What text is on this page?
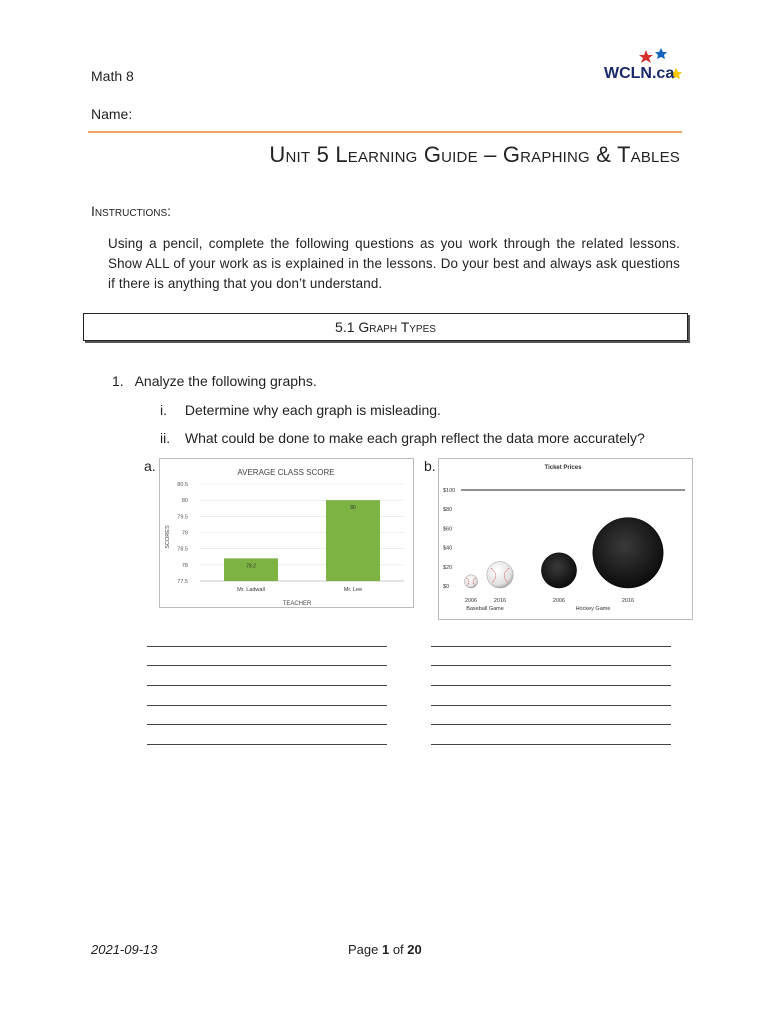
Math 8
Name:
WCLN.ca
Unit 5 Learning Guide – Graphing & Tables
Instructions:
Using a pencil, complete the following questions as you work through the related lessons. Show ALL of your work as is explained in the lessons. Do your best and always ask questions if there is anything that you don’t understand.
5.1 Graph Types
1. Analyze the following graphs.
i. Determine why each graph is misleading.
ii. What could be done to make each graph reflect the data more accurately?
a.	b.
AVERAGE CLASS SCORE
80.5
80
79.5
79
78.5
78
77.5
78.2
Mr. Ladwall
80
Mr. Lee
TEACHER
SCORES
Ticket Prices
$100
$80
$60
$40
$20
$0
2006	2016	2006	2016
Baseball Game	Hockey Game
2021-09-13	Page 1 of 20
